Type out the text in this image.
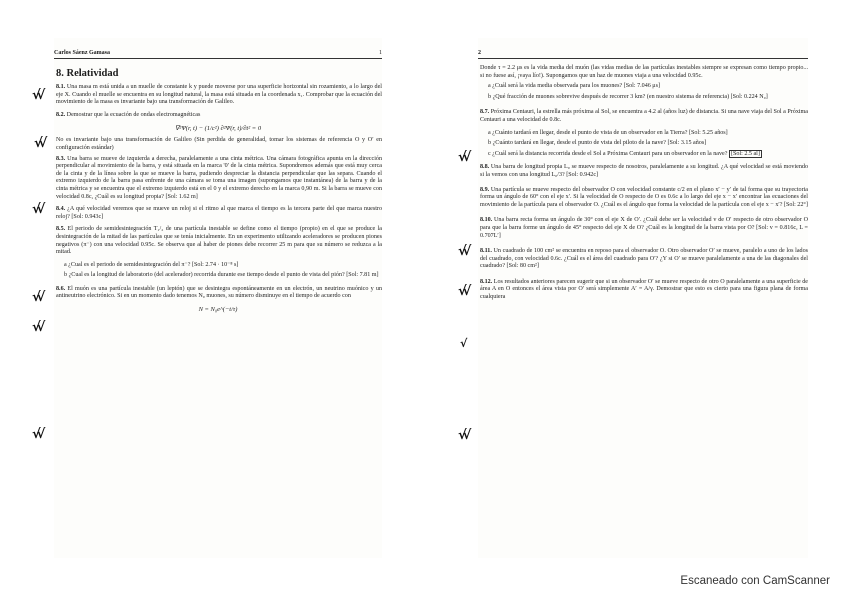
Carlos Sáenz Gamasa	1
8. Relatividad
8.1. Una masa m está unida a un muelle de constante k y puede moverse por una superficie horizontal sin rozamiento, a lo largo del eje X. Cuando el muelle se encuentra en su longitud natural, la masa está situada en la coordenada x₁. Comprobar que la ecuación del movimiento de la masa es invariante bajo una transformación de Galileo.
8.2. Demostrar que la ecuación de ondas electromagnéticas
∇²Ψ(r, t) − (1/c²) ∂²Ψ(r, t)/∂t² = 0
No es invariante bajo una transformación de Galileo (Sin perdida de generalidad, tomar los sistemas de referencia O y O′ en configuración estándar)
8.3. Una barra se mueve de izquierda a derecha, paralelamente a una cinta métrica. Una cámara fotográfica apunta en la dirección perpendicular al movimiento de la barra, y está situada en la marca '0' de la cinta métrica. Supondremos además que está muy cerca de la cinta y de la línea sobre la que se mueve la barra, pudiendo despreciar la distancia perpendicular que las separa. Cuando el extremo izquierdo de la barra pasa enfrente de una cámara se toma una imagen (supongamos que instantánea) de la barra y de la cinta métrica y se encuentra que el extremo izquierdo está en el 0 y el extremo derecho en la marca 0,90 m. Si la barra se mueve con velocidad 0.8c, ¿Cuál es su longitud propia? [Sol: 1.62 m]
8.4. ¿A qué velocidad veremos que se mueve un reloj si el ritmo al que marca el tiempo es la tercera parte del que marca nuestro reloj? [Sol: 0.943c]
8.5. El periodo de semidesintegración T₁/₂ de una partícula inestable se define como el tiempo (propio) en el que se produce la desintegración de la mitad de las partículas que se tenía inicialmente. En un experimento utilizando aceleradores se producen piones negativos (π⁻) con una velocidad 0.95c. Se observa que al haber de piones debe recorrer 25 m para que su número se reduzca a la mitad.
a ¿Cual es el periodo de semidesintegración del π⁻? [Sol: 2.74 · 10⁻⁸ s]
b ¿Cual es la longitud de laboratorio (del acelerador) recorrida durante ese tiempo desde el punto de vista del pión? [Sol: 7.81 m]
8.6. El muón es una partícula inestable (un leptón) que se desintegra espontáneamente en un electrón, un neutrino muónico y un antineutrino electrónico. Si en un momento dado tenemos N₀ muones, su número disminuye en el tiempo de acuerdo con
N = N₀e^(−t/τ)
2
Donde τ = 2.2 μs es la vida media del muón (las vidas medias de las partículas inestables siempre se expresan como tiempo propio... si no fuese así, ¡vaya lío!). Supongamos que un haz de muones viaja a una velocidad 0.95c.
a ¿Cuál será la vida media observada para los muones? [Sol: 7.046 μs]
b ¿Qué fracción de muones sobrevive después de recorrer 3 km? (en nuestro sistema de referencia) [Sol: 0.224 N₀]
8.7. Próxima Centauri, la estrella más próxima al Sol, se encuentra a 4.2 al (años luz) de distancia. Si una nave viaja del Sol a Próxima Centauri a una velocidad de 0.8c.
a ¿Cuánto tardará en llegar, desde el punto de vista de un observador en la Tierra? [Sol: 5.25 años]
b ¿Cuánto tardará en llegar, desde el punto de vista del piloto de la nave? [Sol: 3.15 años]
c ¿Cuál será la distancia recorrida desde el Sol a Próxima Centauri para un observador en la nave? [Sol: 2.5 al]
8.8. Una barra de longitud propia L₀ se mueve respecto de nosotros, paralelamente a su longitud. ¿A qué velocidad se está moviendo si la vemos con una longitud L₀/3? [Sol: 0.942c]
8.9. Una partícula se mueve respecto del observador O con velocidad constante c/2 en el plano x′ − y′ de tal forma que su trayectoria forma un ángulo de 60° con el eje x′. Si la velocidad de O respecto de O es 0.6c a lo largo del eje x − x′ encontrar las ecuaciones del movimiento de la partícula para el observador O. ¿Cuál es el ángulo que forma la velocidad de la partícula con el eje x − x′? [Sol: 22°]
8.10. Una barra recta forma un ángulo de 30° con el eje X de O′. ¿Cuál debe ser la velocidad v de O′ respecto de otro observador O para que la barra forme un ángulo de 45° respecto del eje X de O? ¿Cuál es la longitud de la barra vista por O? [Sol: v = 0.816c, L = 0.707L′]
8.11. Un cuadrado de 100 cm² se encuentra en reposo para el observador O. Otro observador O′ se mueve, paralelo a uno de los lados del cuadrado, con velocidad 0.6c. ¿Cuál es el área del cuadrado para O′? ¿Y si O′ se mueve paralelamente a una de las diagonales del cuadrado? [Sol: 80 cm²]
8.12. Los resultados anteriores parecen sugerir que si un observador O′ se mueve respecto de otro O paralelamente a una superficie de área A en O entonces el área vista por O′ será simplemente A′ = A/γ. Demostrar que esto es cierto para una figura plana de forma cualquiera
√√
√√
√√
√√
√√
√√
√√
√√
√√
√
√√
Escaneado con CamScanner
